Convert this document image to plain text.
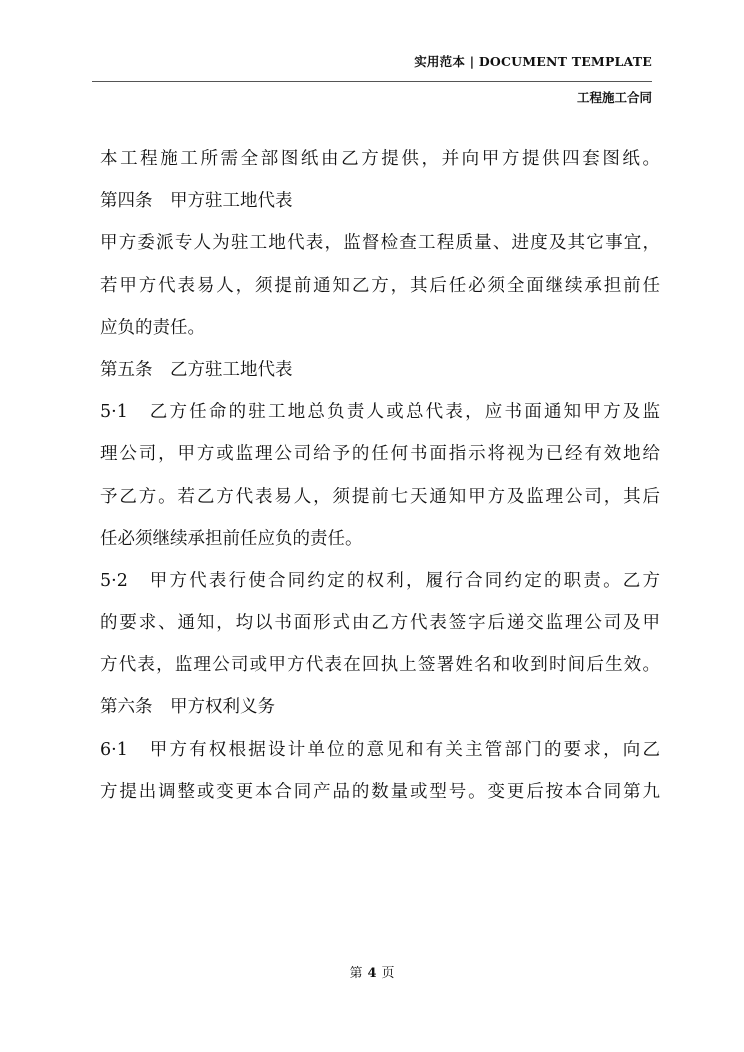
实用范本 | DOCUMENT TEMPLATE
工程施工合同
本工程施工所需全部图纸由乙方提供，并向甲方提供四套图纸。
第四条　甲方驻工地代表
甲方委派专人为驻工地代表，监督检查工程质量、进度及其它事宜，
若甲方代表易人，须提前通知乙方，其后任必须全面继续承担前任
应负的责任。
第五条　乙方驻工地代表
5·1　乙方任命的驻工地总负责人或总代表，应书面通知甲方及监
理公司，甲方或监理公司给予的任何书面指示将视为已经有效地给
予乙方。若乙方代表易人，须提前七天通知甲方及监理公司，其后
任必须继续承担前任应负的责任。
5·2　甲方代表行使合同约定的权利，履行合同约定的职责。乙方
的要求、通知，均以书面形式由乙方代表签字后递交监理公司及甲
方代表，监理公司或甲方代表在回执上签署姓名和收到时间后生效。
第六条　甲方权利义务
6·1　甲方有权根据设计单位的意见和有关主管部门的要求，向乙
方提出调整或变更本合同产品的数量或型号。变更后按本合同第九
第 4 页
